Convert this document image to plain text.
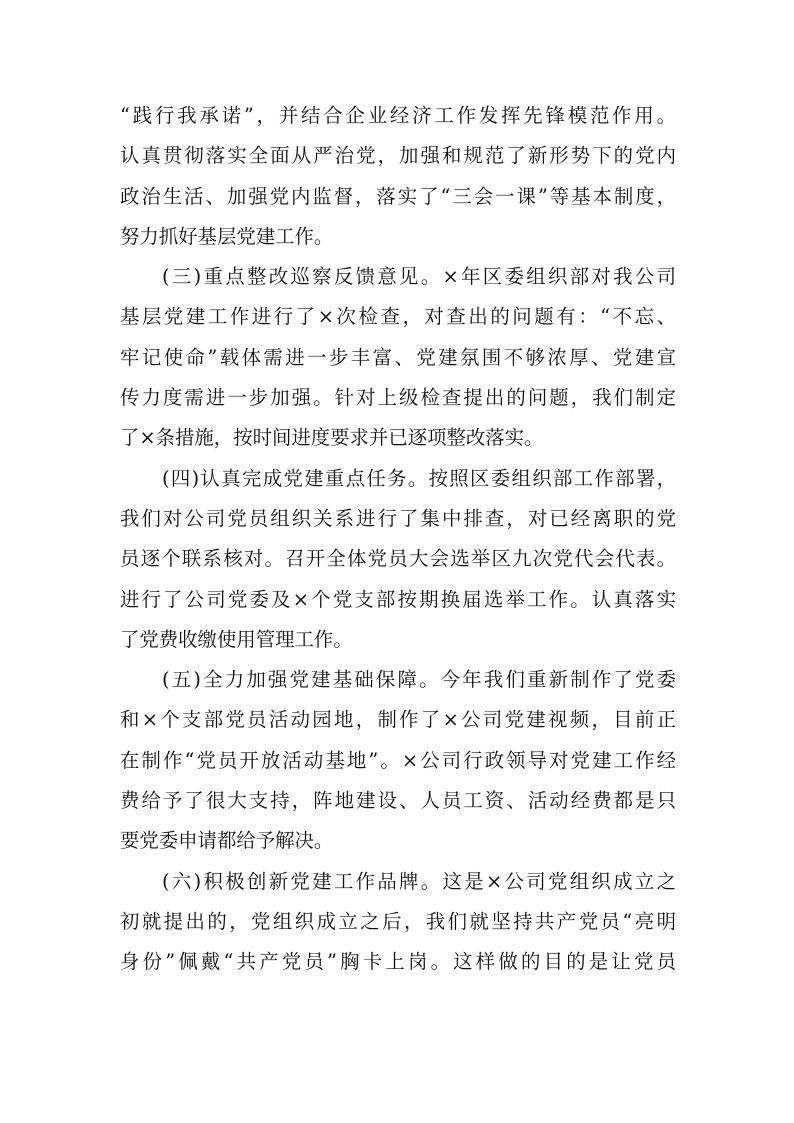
“践行我承诺”，并结合企业经济工作发挥先锋模范作用。
认真贯彻落实全面从严治党，加强和规范了新形势下的党内
政治生活、加强党内监督，落实了“三会一课”等基本制度，
努力抓好基层党建工作。
(三)重点整改巡察反馈意见。×年区委组织部对我公司
基层党建工作进行了×次检查，对查出的问题有：“不忘、
牢记使命”载体需进一步丰富、党建氛围不够浓厚、党建宣
传力度需进一步加强。针对上级检查提出的问题，我们制定
了×条措施，按时间进度要求并已逐项整改落实。
(四)认真完成党建重点任务。按照区委组织部工作部署，
我们对公司党员组织关系进行了集中排查，对已经离职的党
员逐个联系核对。召开全体党员大会选举区九次党代会代表。
进行了公司党委及×个党支部按期换届选举工作。认真落实
了党费收缴使用管理工作。
(五)全力加强党建基础保障。今年我们重新制作了党委
和×个支部党员活动园地，制作了×公司党建视频，目前正
在制作“党员开放活动基地”。×公司行政领导对党建工作经
费给予了很大支持，阵地建设、人员工资、活动经费都是只
要党委申请都给予解决。
(六)积极创新党建工作品牌。这是×公司党组织成立之
初就提出的，党组织成立之后，我们就坚持共产党员“亮明
身份”佩戴“共产党员”胸卡上岗。这样做的目的是让党员
